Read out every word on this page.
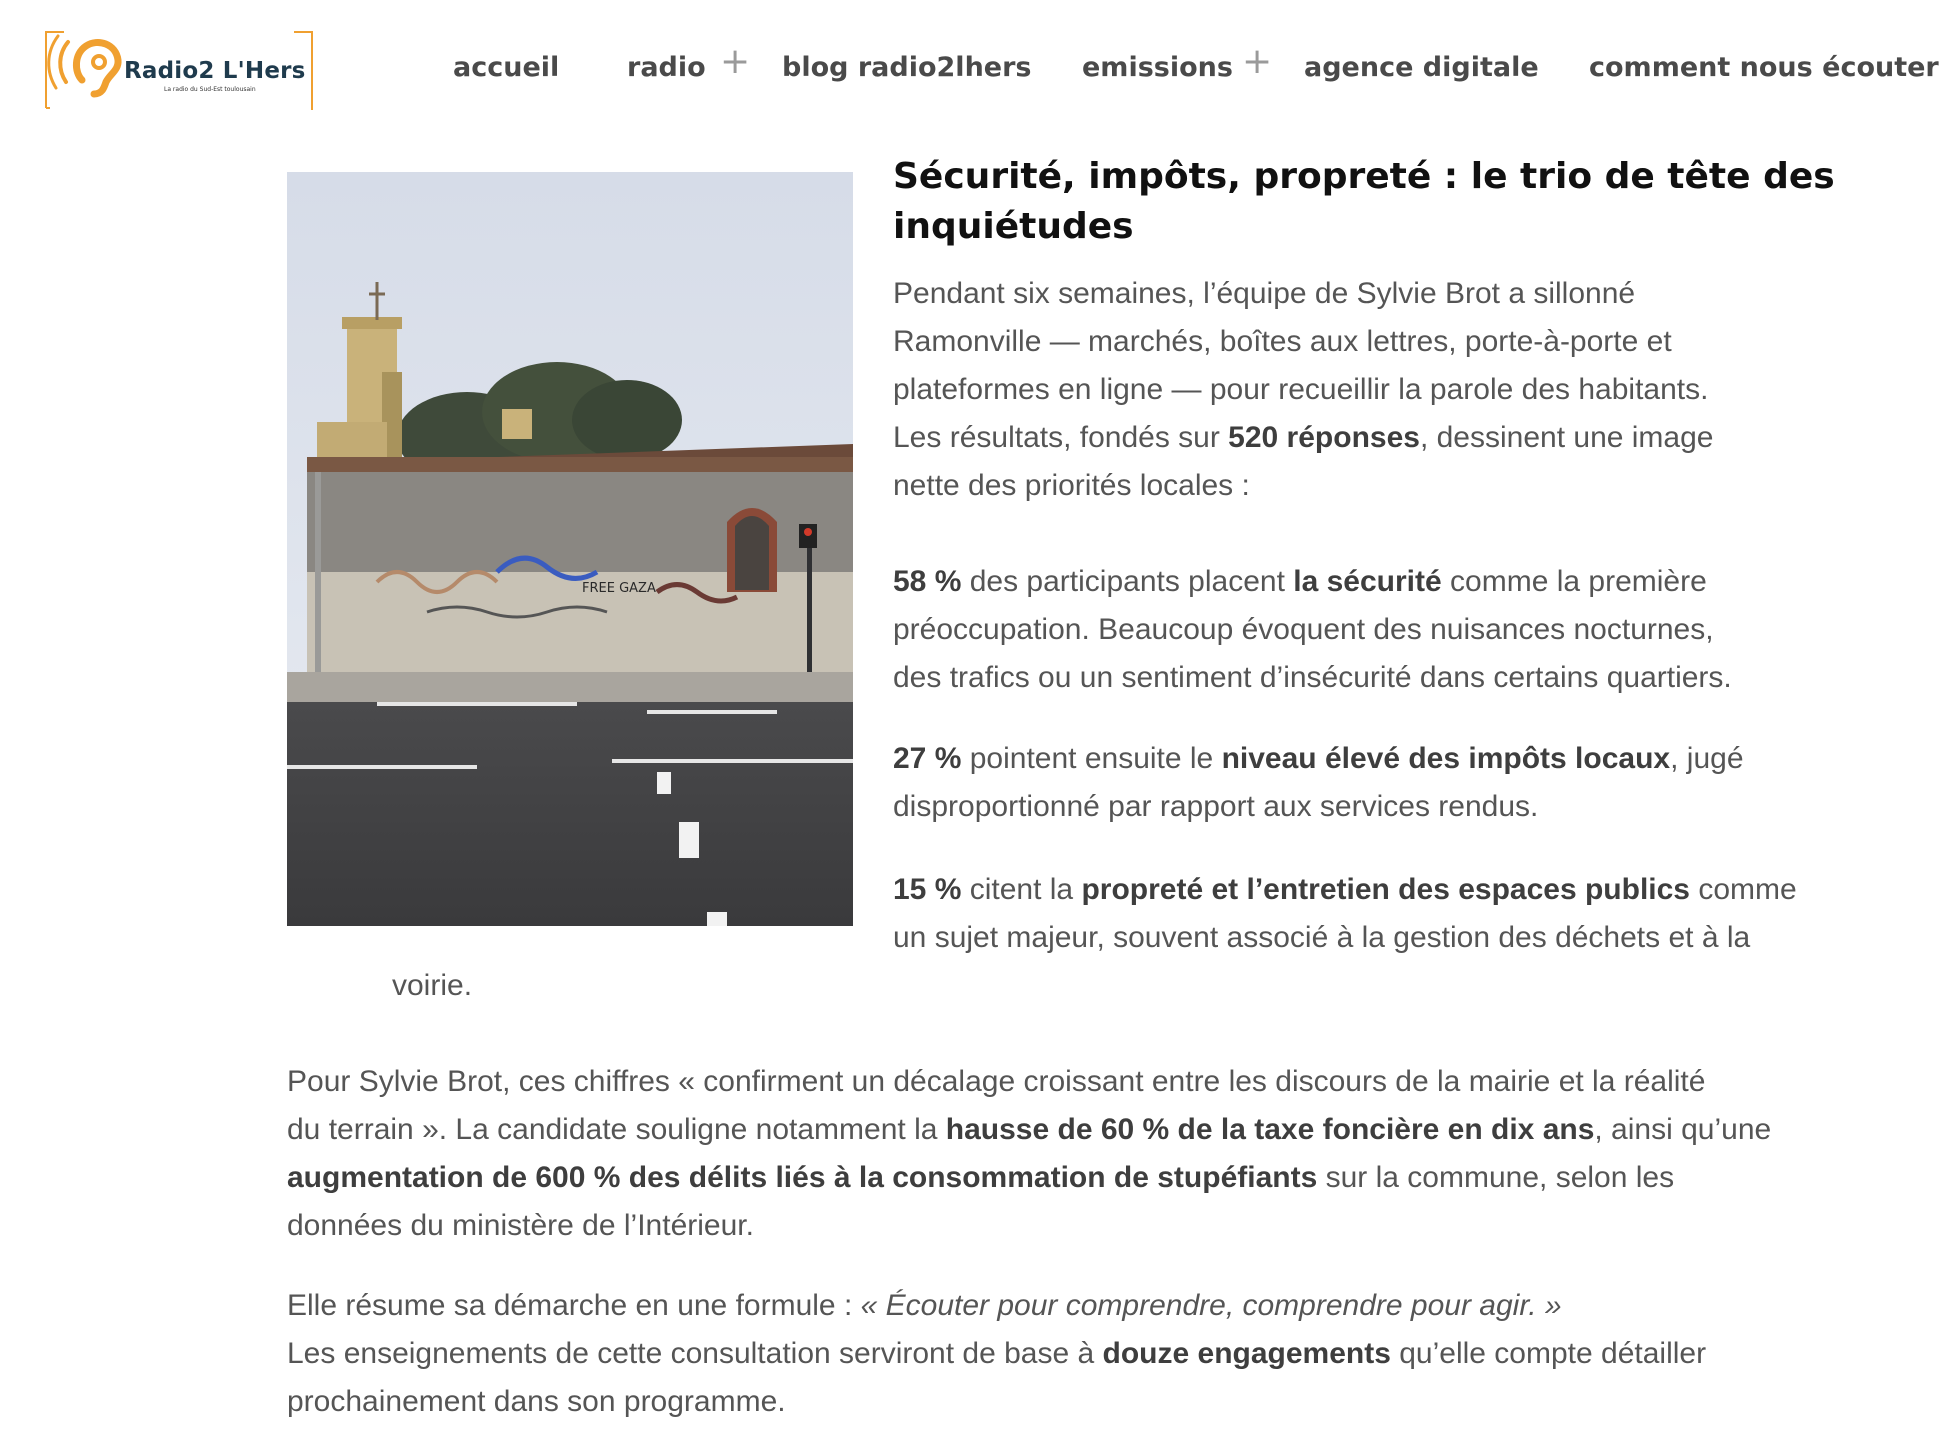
Radio2 L'Hers
La radio du Sud-Est toulousain
accueil	radio + blog radio2lhers emissions + agence digitale comment nous écouter
FREE GAZA
Sécurité, impôts, propreté : le trio de tête des inquiétudes

Pendant six semaines, l’équipe de Sylvie Brot a sillonné
Ramonville — marchés, boîtes aux lettres, porte-à-porte et
plateformes en ligne — pour recueillir la parole des habitants.
Les résultats, fondés sur 520 réponses, dessinent une image
nette des priorités locales :

58 % des participants placent la sécurité comme la première
préoccupation. Beaucoup évoquent des nuisances nocturnes,
des trafics ou un sentiment d’insécurité dans certains quartiers.

27 % pointent ensuite le niveau élevé des impôts locaux, jugé
disproportionné par rapport aux services rendus.

15 % citent la propreté et l’entretien des espaces publics comme
un sujet majeur, souvent associé à la gestion des déchets et à la

voirie.

Pour Sylvie Brot, ces chiffres « confirment un décalage croissant entre les discours de la mairie et la réalité
du terrain ». La candidate souligne notamment la hausse de 60 % de la taxe foncière en dix ans, ainsi qu’une
augmentation de 600 % des délits liés à la consommation de stupéfiants sur la commune, selon les
données du ministère de l’Intérieur.

Elle résume sa démarche en une formule : « Écouter pour comprendre, comprendre pour agir. »
Les enseignements de cette consultation serviront de base à douze engagements qu’elle compte détailler
prochainement dans son programme.
